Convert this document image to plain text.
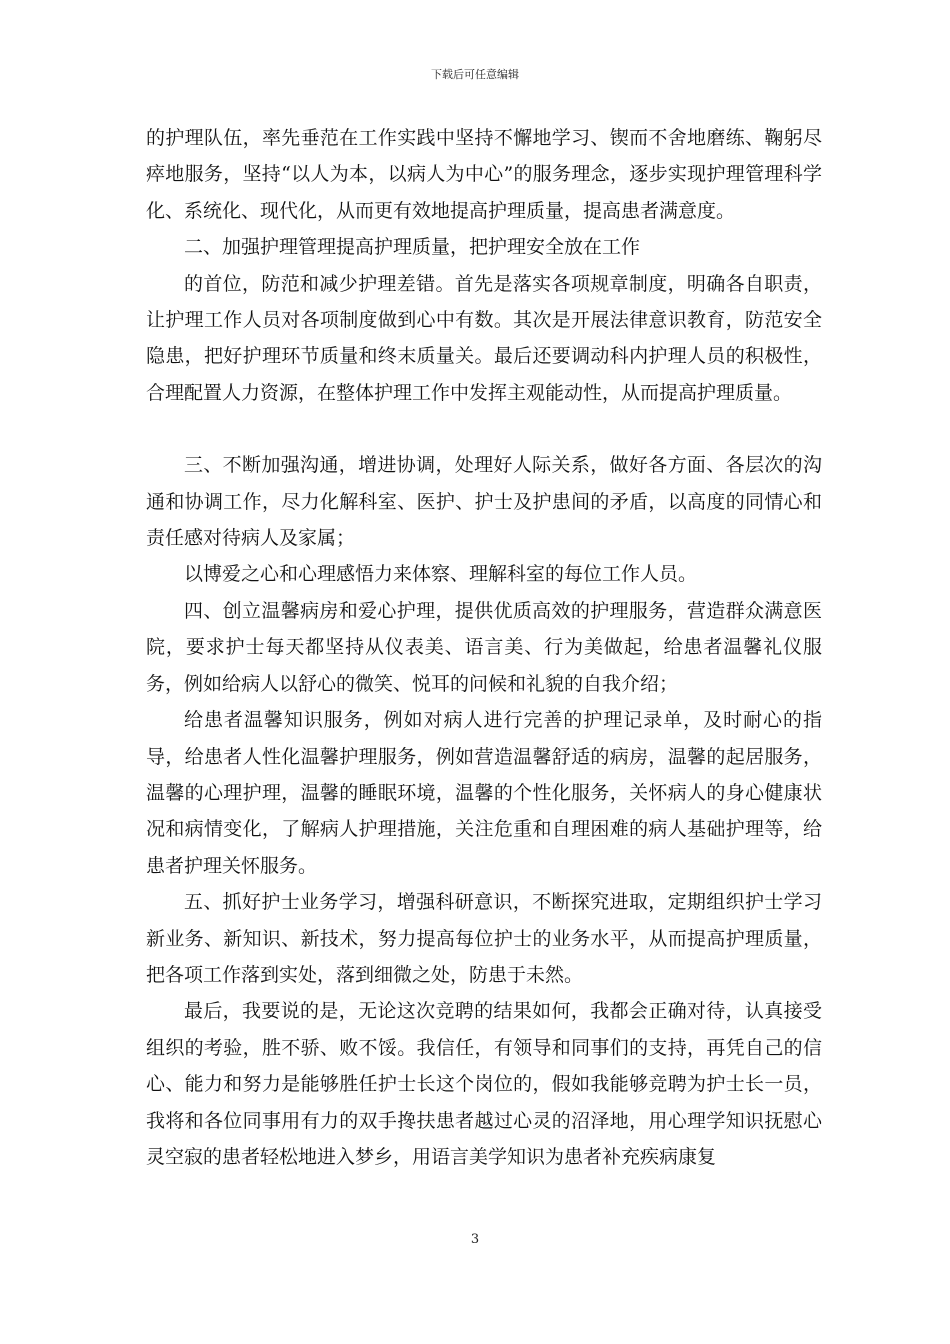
下载后可任意编辑

的护理队伍，率先垂范在工作实践中坚持不懈地学习、锲而不舍地磨练、鞠躬尽瘁地服务，坚持“以人为本，以病人为中心”的服务理念，逐步实现护理管理科学化、系统化、现代化，从而更有效地提高护理质量，提高患者满意度。

二、加强护理管理提高护理质量，把护理安全放在工作

的首位，防范和减少护理差错。首先是落实各项规章制度，明确各自职责，让护理工作人员对各项制度做到心中有数。其次是开展法律意识教育，防范安全隐患，把好护理环节质量和终末质量关。最后还要调动科内护理人员的积极性，合理配置人力资源，在整体护理工作中发挥主观能动性，从而提高护理质量。

三、不断加强沟通，增进协调，处理好人际关系，做好各方面、各层次的沟通和协调工作，尽力化解科室、医护、护士及护患间的矛盾，以高度的同情心和责任感对待病人及家属；

以博爱之心和心理感悟力来体察、理解科室的每位工作人员。

四、创立温馨病房和爱心护理，提供优质高效的护理服务，营造群众满意医院，要求护士每天都坚持从仪表美、语言美、行为美做起，给患者温馨礼仪服务，例如给病人以舒心的微笑、悦耳的问候和礼貌的自我介绍；

给患者温馨知识服务，例如对病人进行完善的护理记录单，及时耐心的指导，给患者人性化温馨护理服务，例如营造温馨舒适的病房，温馨的起居服务，温馨的心理护理，温馨的睡眠环境，温馨的个性化服务，关怀病人的身心健康状况和病情变化，了解病人护理措施，关注危重和自理困难的病人基础护理等，给患者护理关怀服务。

五、抓好护士业务学习，增强科研意识，不断探究进取，定期组织护士学习新业务、新知识、新技术，努力提高每位护士的业务水平，从而提高护理质量，把各项工作落到实处，落到细微之处，防患于未然。

最后，我要说的是，无论这次竞聘的结果如何，我都会正确对待，认真接受组织的考验，胜不骄、败不馁。我信任，有领导和同事们的支持，再凭自己的信心、能力和努力是能够胜任护士长这个岗位的，假如我能够竞聘为护士长一员，我将和各位同事用有力的双手搀扶患者越过心灵的沼泽地，用心理学知识抚慰心灵空寂的患者轻松地进入梦乡，用语言美学知识为患者补充疾病康复

3
